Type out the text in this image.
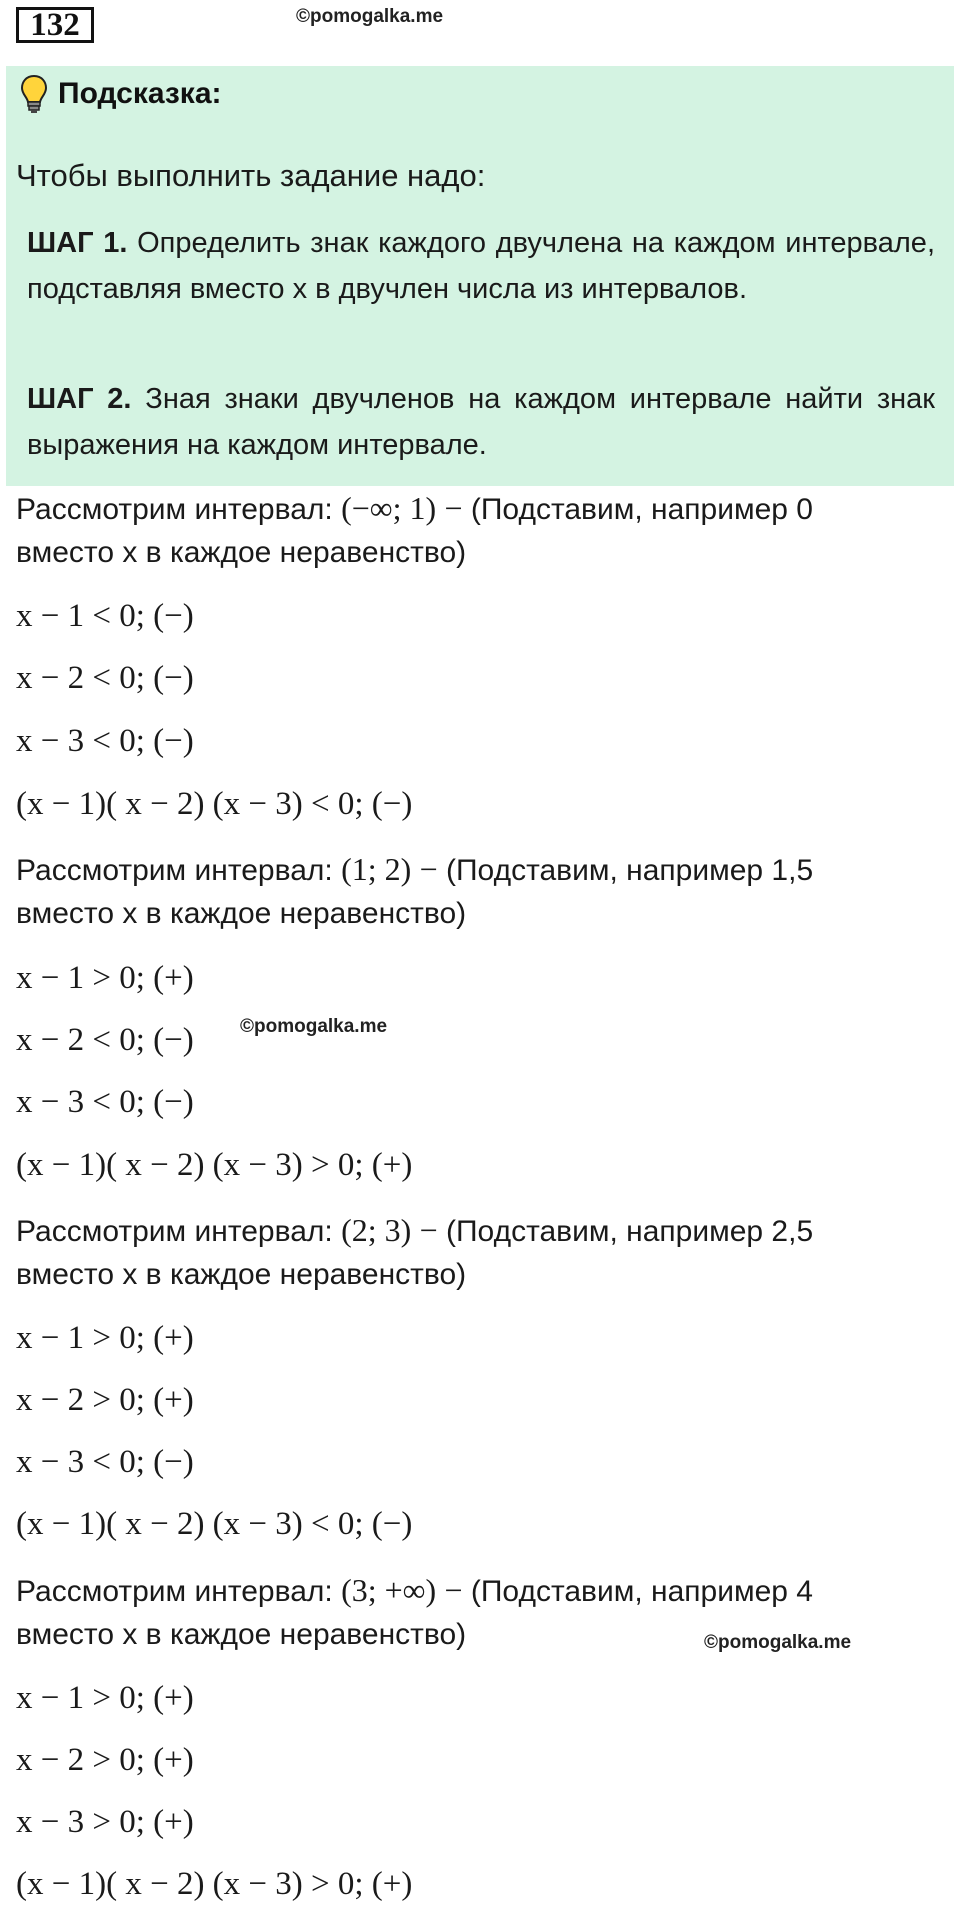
132	©pomogalka.me
Подсказка:
Чтобы выполнить задание надо:
ШАГ 1. Определить знак каждого двучлена на каждом интервале, подставляя вместо x в двучлен числа из интервалов.
ШАГ 2. Зная знаки двучленов на каждом интервале найти знак выражения на каждом интервале.
Рассмотрим интервал: (−∞; 1) − (Подставим, например 0
вместо x в каждое неравенство)
x − 1 < 0; (−)
x − 2 < 0; (−)
x − 3 < 0; (−)
(x − 1)( x − 2) (x − 3) < 0; (−)
Рассмотрим интервал: (1; 2) − (Подставим, например 1,5
вместо x в каждое неравенство)
x − 1 > 0; (+)
x − 2 < 0; (−) ©pomogalka.me
x − 3 < 0; (−)
(x − 1)( x − 2) (x − 3) > 0; (+)
Рассмотрим интервал: (2; 3) − (Подставим, например 2,5
вместо x в каждое неравенство)
x − 1 > 0; (+)
x − 2 > 0; (+)
x − 3 < 0; (−)
(x − 1)( x − 2) (x − 3) < 0; (−)
Рассмотрим интервал: (3; +∞) − (Подставим, например 4
вместо x в каждое неравенство)	©pomogalka.me
x − 1 > 0; (+)
x − 2 > 0; (+)
x − 3 > 0; (+)
(x − 1)( x − 2) (x − 3) > 0; (+)
